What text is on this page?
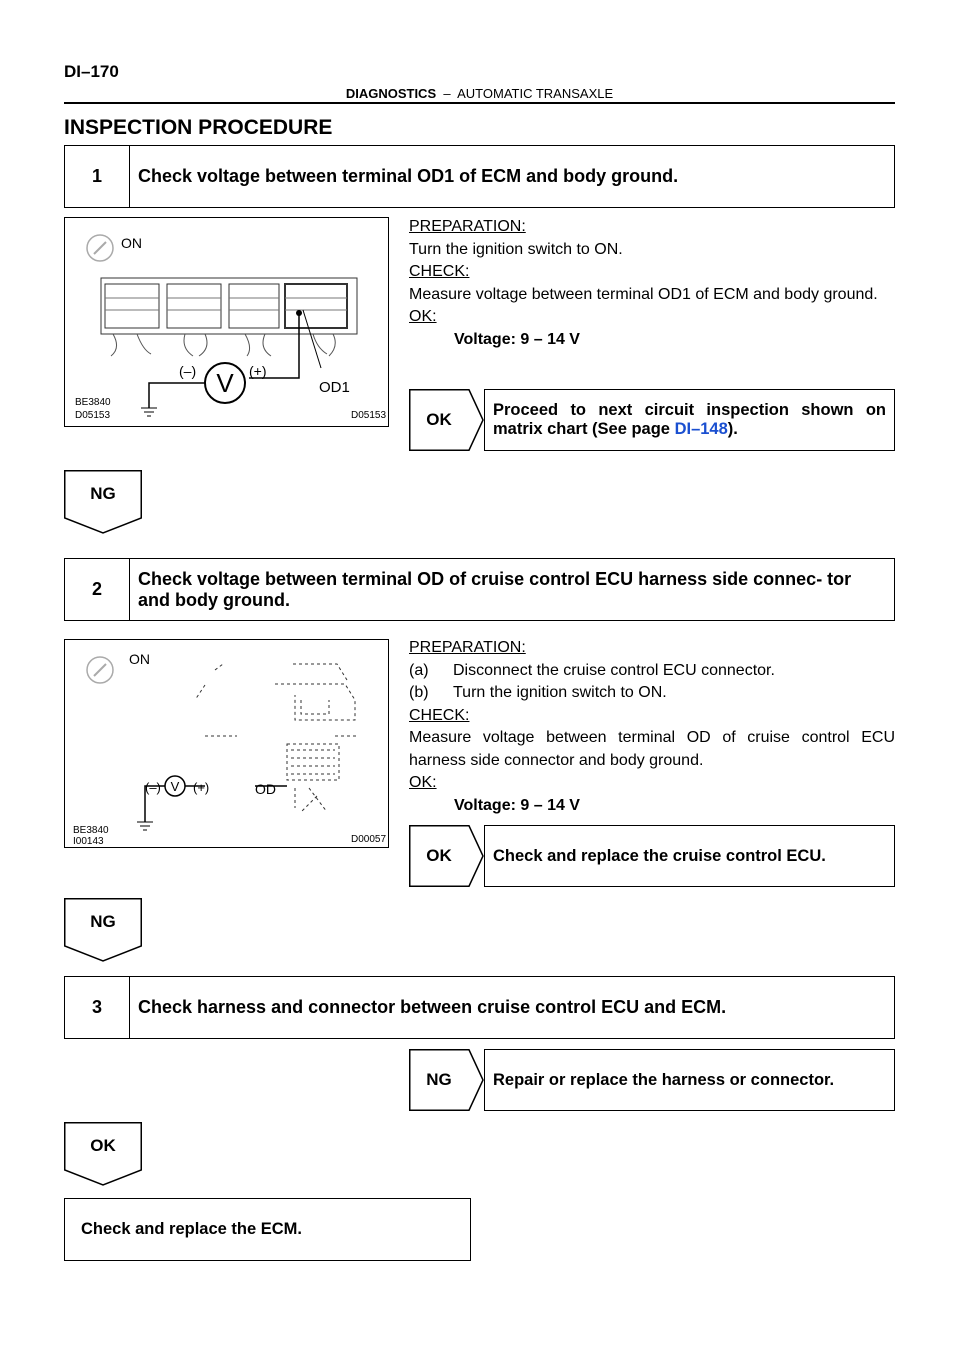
DI–170
DIAGNOSTICS – AUTOMATIC TRANSAXLE
INSPECTION PROCEDURE
1	Check voltage between terminal OD1 of ECM and body ground.
ON
V
(–)	(+)
OD1
BE3840
D05153	D05153

PREPARATION:

Turn the ignition switch to ON.

CHECK:

Measure voltage between terminal OD1 of ECM and body ground.

OK:

Voltage: 9 – 14 V

OK	Proceed to next circuit inspection shown on matrix chart (See page DI–148).
NG
2
Check voltage between terminal OD of cruise control ECU harness side connec- tor and body ground.
ON
V
(–) (+)	OD
BE3840
I00143	D00057

PREPARATION:

(a)	Disconnect the cruise control ECU connector.
(b)	Turn the ignition switch to ON.

CHECK:

Measure voltage between terminal OD of cruise control ECU harness side connector and body ground.

OK:

Voltage: 9 – 14 V

OK	Check and replace the cruise control ECU.
NG
3	Check harness and connector between cruise control ECU and ECM.
NG	Repair or replace the harness or connector.
OK
Check and replace the ECM.
